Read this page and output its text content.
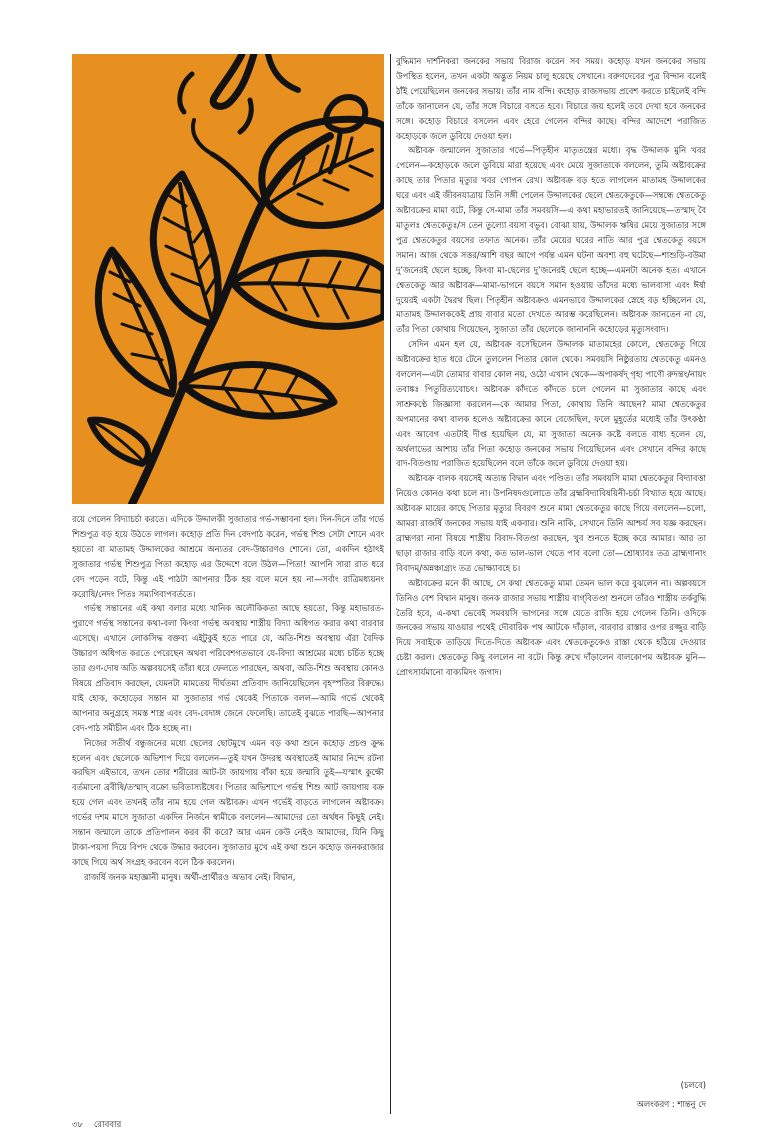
রয়ে গেলেন বিদ্যাচর্চা করতে। এদিকে উদ্দালকী সুজাতার গর্ভ-সম্ভাবনা হল। দিন-দিনে তাঁর গর্ভে শিশুপুত্র বড় হয়ে উঠতে লাগল। কহোড় প্রতি দিন বেদপাঠ করেন, গর্ভস্থ শিশু সেটা শোনে এবং হয়তো বা মাতামহ উদ্দালকের আশ্রমে অন্যতর বেদ-উচ্চারণও শোনে। তো, একদিন হঠাৎই সুজাতার গর্ভস্থ শিশুপুত্র পিতা কহোড় এর উদ্দেশে বলে উঠল—পিতা! আপনি সারা রাত ধরে বেদ পড়েন বটে, কিন্তু এই পাঠটা আপনার ঠিক হয় বলে মনে হয় না—সর্বাং রাত্রিমধ্যয়নং করোষি/নেদং পিতঃ সম্যগিবাপবর্ততে।

গর্ভস্থ সন্তানের এই কথা বলার মধ্যে খানিক অলৌকিকতা আছে হয়তো, কিন্তু মহাভারত-পুরাণে গর্ভস্থ সন্তানের কথা-বলা কিংবা গর্ভস্থ অবস্থায় শাস্ত্রীয় বিদ্যা অধিগত করার কথা বারবার এসেছে। এখানে লোকসিদ্ধ বক্তব্য এইটুকুই হতে পারে যে, অতি-শিশু অবস্থায় এঁরা বৈদিক উচ্চারণ অধিগত করতে পেরেছেন অথবা পরিবেশগতভাবে যে-বিদ্যা আশ্রমের মধ্যে চর্চিত হচ্ছে তার গুণ-দোষ অতি অল্পবয়সেই তাঁরা ধরে ফেলতে পারছেন, অথবা, অতি-শিশু অবস্থায় কোনও বিষয়ে প্রতিবাদ করছেন, যেমনটা মামতেয় দীর্ঘতমা প্রতিবাদ জানিয়েছিলেন বৃহস্পতির বিরুদ্ধে। যাই হোক, কহোড়ের সন্তান মা সুজাতার গর্ভ থেকেই পিতাকে বলল—আমি গর্ভে থেকেই আপনার অনুগ্রহে সমস্ত শাস্ত্র এবং বেদ-বেদাঙ্গ জেনে ফেলেছি। তাতেই বুঝতে পারছি—আপনার বেদ-পাঠ সমীচীন এবং ঠিক হচ্ছে না।

নিজের সতীর্থ বন্ধুজনের মধ্যে ছেলের ছোটমুখে এমন বড় কথা শুনে কহোড় প্রচণ্ড ক্রুদ্ধ হলেন এবং ছেলেকে অভিশাপ দিয়ে বললেন—তুই যখন উদরস্থ অবস্থাতেই আমার নিন্দে রটনা করছিস এইভাবে, তখন তোর শরীরের আট-টা জায়গায় বাঁকা হয়ে জন্মাবি তুই—যস্মাৎ কুক্ষৌ বর্তমানো ব্রবীষি/তস্মাদ্‌ বক্রো ভবিতাস্যষ্টধেব। পিতার অভিশাপে গর্ভস্থ শিশু আট জায়গায় বক্র হয়ে গেল এবং তখনই তাঁর নাম হয়ে গেল অষ্টাবক্র। এখন গর্ভেই বাড়তে লাগলেন অষ্টাবক্র। গর্ভের দশম মাসে সুজাতা একদিন নির্জনে স্বামীকে বললেন—আমাদের তো অর্থধন কিছুই নেই। সন্তান জন্মালে তাকে প্রতিপালন করব কী করে? আর এমন কেউ নেইও আমাদের, যিনি কিছু টাকা-পয়সা দিয়ে বিপদ থেকে উদ্ধার করবেন। সুজাতার মুখে এই কথা শুনে কহোড় জনকরাজার কাছে গিয়ে অর্থ সংগ্রহ করবেন বলে ঠিক করলেন।

রাজর্ষি জনক মহাজ্ঞানী মানুষ। অর্থী-প্রার্থীরও অভাব নেই। বিদ্বান,

বুদ্ধিমান দার্শনিকরা জনকের সভায় বিরাজ করেন সব সময়। কহোড় যখন জনকের সভায় উপস্থিত হলেন, তখন একটা অদ্ভুত নিয়ম চালু হয়েছে সেখানে। বরুণদেবের পুত্র বিন্দান বলেই ঠাঁই পেয়েছিলেন জনকের সভায়। তাঁর নাম বন্দি। কহোড় রাজসভায় প্রবেশ করতে চাইলেই বন্দি তাঁকে জানালেন যে, তাঁর সঙ্গে বিচারে বসতে হবে। বিচারে জয় হলেই তবে দেখা হবে জনকের সঙ্গে। কহোড় বিচারে বসলেন এবং হেরে গেলেন বন্দির কাছে। বন্দির আদেশে পরাজিত কহোড়কে জলে ডুবিয়ে দেওয়া হল।

অষ্টাবক্র জন্মালেন সুজাতার গর্ভে—পিতৃহীন মাতৃতন্ত্রের মধ্যে। বৃদ্ধ উদ্দালক মুনি খবর পেলেন—কহোড়কে জলে ডুবিয়ে মারা হয়েছে এবং মেয়ে সুজাতাকে বললেন, তুমি অষ্টাবক্রের কাছে তার পিতার মৃত্যুর খবর গোপন রেখ। অষ্টাবক্র বড় হতে লাগলেন মাতামহ উদ্দালকের ঘরে এবং এই জীবনযাত্রায় তিনি সঙ্গী পেলেন উদ্দালকের ছেলে শ্বেতকেতুকে—সম্বন্ধে শ্বেতকেতু অষ্টাবক্রের মামা বটে, কিন্তু সে-মামা তাঁর সমবয়সি—এ কথা মহাভারতই জানিয়েছে—তস্মাদ্‌ বৈ মাতুলঃ শ্বেতকেতুঃ/স তেন তুল্যো বয়সা বভূব। বোঝা যায়, উদ্দালক ঋষির মেয়ে সুজাতার সঙ্গে পুত্র শ্বেতকেতুর বয়সের তফাত অনেক। তাঁর মেয়ের ঘরের নাতি আর পুত্র শ্বেতকেতু বয়সে সমান। আজ থেকে সত্তর/আশি বছর আগে পর্যন্ত এমন ঘটনা অবশ্য বহু ঘটেছে—শাশুড়ি-বউমা দু’জনেরই ছেলে হচ্ছে, কিংবা মা-ছেলের দু’জনেরই ছেলে হচ্ছে—এমনটা অনেক হত। এখানে শ্বেতকেতু আর অষ্টাবক্র—মামা-ভাগনে বয়সে সমান হওয়ায় তাঁদের মধ্যে ভালবাসা এবং ঈর্ষা দুয়েরই একটা দ্বৈরথ ছিল। পিতৃহীন অষ্টাবক্রও এমনভাবে উদ্দালকের স্নেহে বড় হচ্ছিলেন যে, মাতামহ উদ্দালককেই প্রায় বাবার মতো দেখতে আরম্ভ করেছিলেন। অষ্টাবক্র জানতেন না যে, তাঁর পিতা কোথায় গিয়েছেন, সুজাতা তাঁর ছেলেকে জানাননি কহোড়ের মৃত্যুসংবাদ।

সেদিন এমন হল যে, অষ্টাবক্র বসেছিলেন উদ্দালক মাতামহের কোলে, শ্বেতকেতু গিয়ে অষ্টাবক্রের হাত ধরে টেনে তুললেন পিতার কোল থেকে। সমবয়সি নিষ্ঠুরতায় শ্বেতকেতু এমনও বললেন—এটা তোমার বাবার কোল নয়, ওঠো এখান থেকে—অপাকর্ষদ্‌ গৃহ্য পাণৌ রুদন্তং/নায়ং তবাঙ্কঃ পিতুরিত্যবোচৎ। অষ্টাবক্র কাঁদতে কাঁদতে চলে গেলেন মা সুজাতার কাছে এবং সাশ্রুকণ্ঠে জিজ্ঞাসা করলেন—কে আমার পিতা, কোথায় তিনি আছেন? মামা শ্বেতকেতুর অপমানের কথা বালক হলেও অষ্টাবক্রের কানে বেজেছিল, ফলে মুহূর্তের মধ্যেই তাঁর উৎকণ্ঠা এবং আবেগ এতটাই দীপ্ত হয়েছিল যে, মা সুজাতা অনেক কষ্টে বলতে বাধ্য হলেন যে, অর্থলাভের আশায় তাঁর পিতা কহোড় জনকের সভায় গিয়েছিলেন এবং সেখানে বন্দির কাছে বাদ-বিতণ্ডায় পরাজিত হয়েছিলেন বলে তাঁকে জলে ডুবিয়ে দেওয়া হয়।

অষ্টাবক্র বালক বয়সেই অত্যন্ত বিদ্বান এবং পণ্ডিত। তাঁর সমবয়সি মামা শ্বেতকেতুর বিদ্যাবত্তা নিয়েও কোনও কথা চলে না। উপনিষদগুলোতে তাঁর ব্রহ্মবিদ্যাবিষয়িনী-চর্চা বিখ্যাত হয়ে আছে। অষ্টাবক্র মায়ের কাছে পিতার মৃত্যুর বিবরণ শুনে মামা শ্বেতকেতুর কাছে গিয়ে বললেন—চলো, আমরা রাজর্ষি জনকের সভায় যাই একবার। শুনি নাকি, সেখানে তিনি আশ্চর্য সব যজ্ঞ করছেন। ব্রাহ্মণরা নানা বিষয়ে শাস্ত্রীয় বিবাদ-বিতণ্ডা করছেন, খুব শুনতে ইচ্ছে করে আমার। আর তা ছাড়া রাজার বাড়ি বলে কথা, কত ভাল-ভাল খেতে পাব বলো তো—শ্রোষ্যাবঃ তত্র ব্রাহ্মণানাং বিবাদম্‌/অন্নঞ্চাগ্র্যং তত্র ভোক্ষ্যাবহে চ।

অষ্টাবক্রের মনে কী আছে, সে কথা শ্বেতকেতু মামা তেমন ভাল করে বুঝলেন না। অল্পবয়সে তিনিও বেশ বিদ্বান মানুষ। জনক রাজার সভায় শাস্ত্রীয় বাগ্‌বিতণ্ডা শুনলে তাঁরও শাস্ত্রীয় তর্কবুদ্ধি তৈরি হবে, এ-কথা ভেবেই সমবয়সি ভাগনের সঙ্গে যেতে রাজি হয়ে গেলেন তিনি। ওদিকে জনকের সভায় যাওয়ার পথেই দৌবারিক পথ আটকে দাঁড়াল, বারবার রাস্তার ওপর রজ্জুর বাড়ি দিয়ে সবাইকে তাড়িয়ে দিতে-দিতে অষ্টাবক্র এবং শ্বেতকেতুকেও রাস্তা থেকে হঠিয়ে দেওয়ার চেষ্টা করল। শ্বেতকেতু কিছু বললেন না বটে। কিন্তু রুখে দাঁড়ালেন বালকোপম অষ্টাবক্র মুনি—প্রোৎসার্যমানো বাক্যমিদং জগাদ।

(চলবে)
অলংকরণ : শান্তনু দে
৩৮ রোববার
